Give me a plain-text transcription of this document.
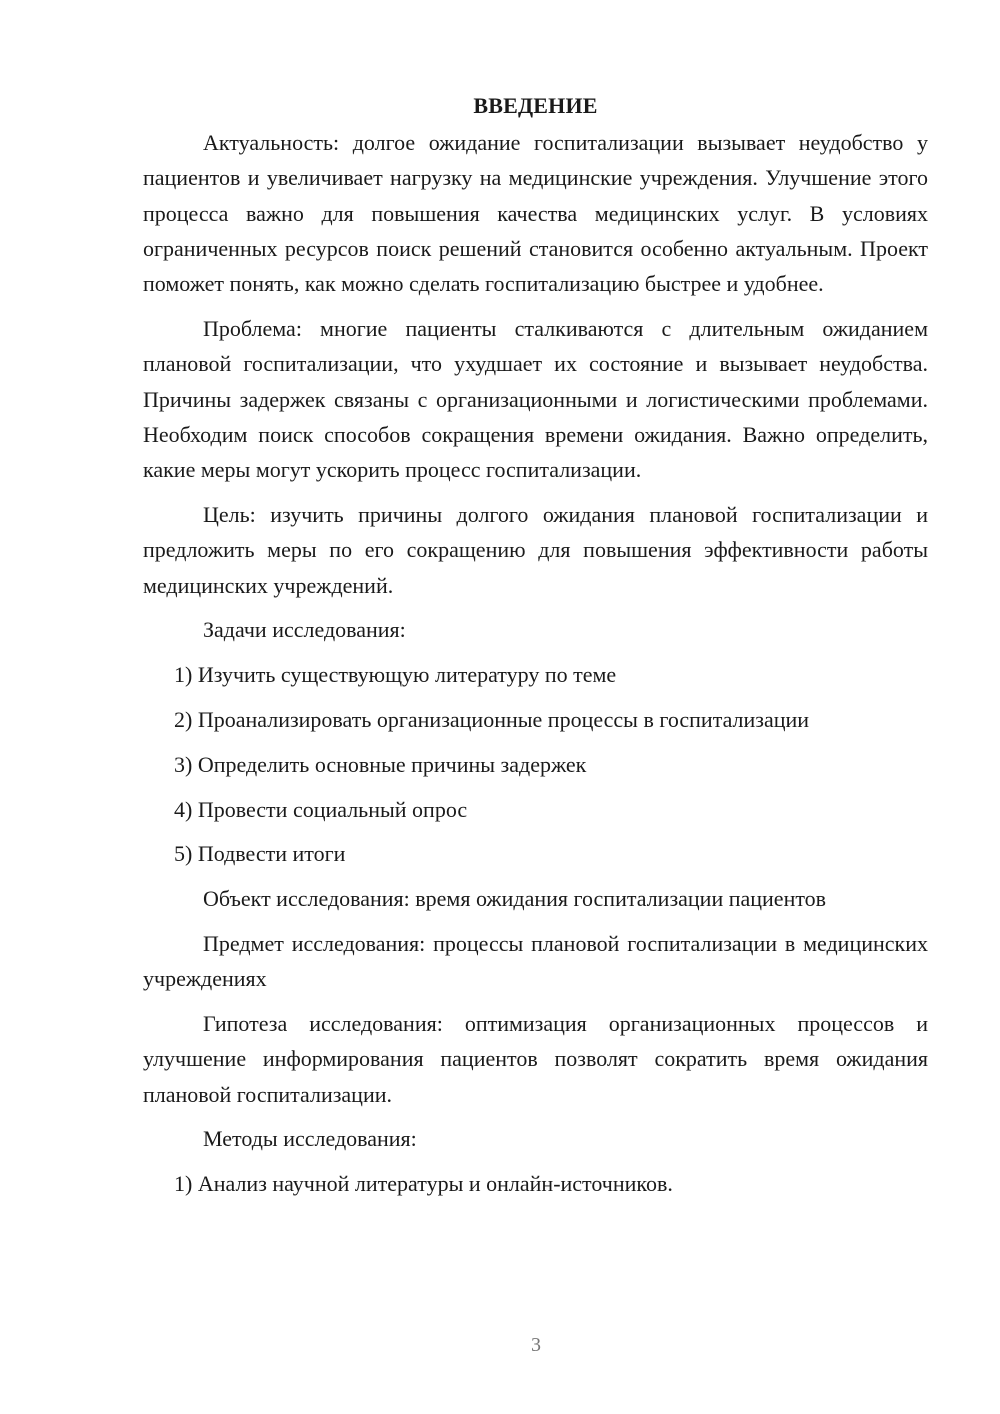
ВВЕДЕНИЕ
Актуальность: долгое ожидание госпитализации вызывает неудобство у пациентов и увеличивает нагрузку на медицинские учреждения. Улучшение этого процесса важно для повышения качества медицинских услуг. В условиях ограниченных ресурсов поиск решений становится особенно актуальным. Проект поможет понять, как можно сделать госпитализацию быстрее и удобнее.
Проблема: многие пациенты сталкиваются с длительным ожиданием плановой госпитализации, что ухудшает их состояние и вызывает неудобства. Причины задержек связаны с организационными и логистическими проблемами. Необходим поиск способов сокращения времени ожидания. Важно определить, какие меры могут ускорить процесс госпитализации.
Цель: изучить причины долгого ожидания плановой госпитализации и предложить меры по его сокращению для повышения эффективности работы медицинских учреждений.
Задачи исследования:
1) Изучить существующую литературу по теме
2) Проанализировать организационные процессы в госпитализации
3) Определить основные причины задержек
4) Провести социальный опрос
5) Подвести итоги
Объект исследования: время ожидания госпитализации пациентов
Предмет исследования: процессы плановой госпитализации в медицинских учреждениях
Гипотеза исследования: оптимизация организационных процессов и улучшение информирования пациентов позволят сократить время ожидания плановой госпитализации.
Методы исследования:
1) Анализ научной литературы и онлайн-источников.
3
